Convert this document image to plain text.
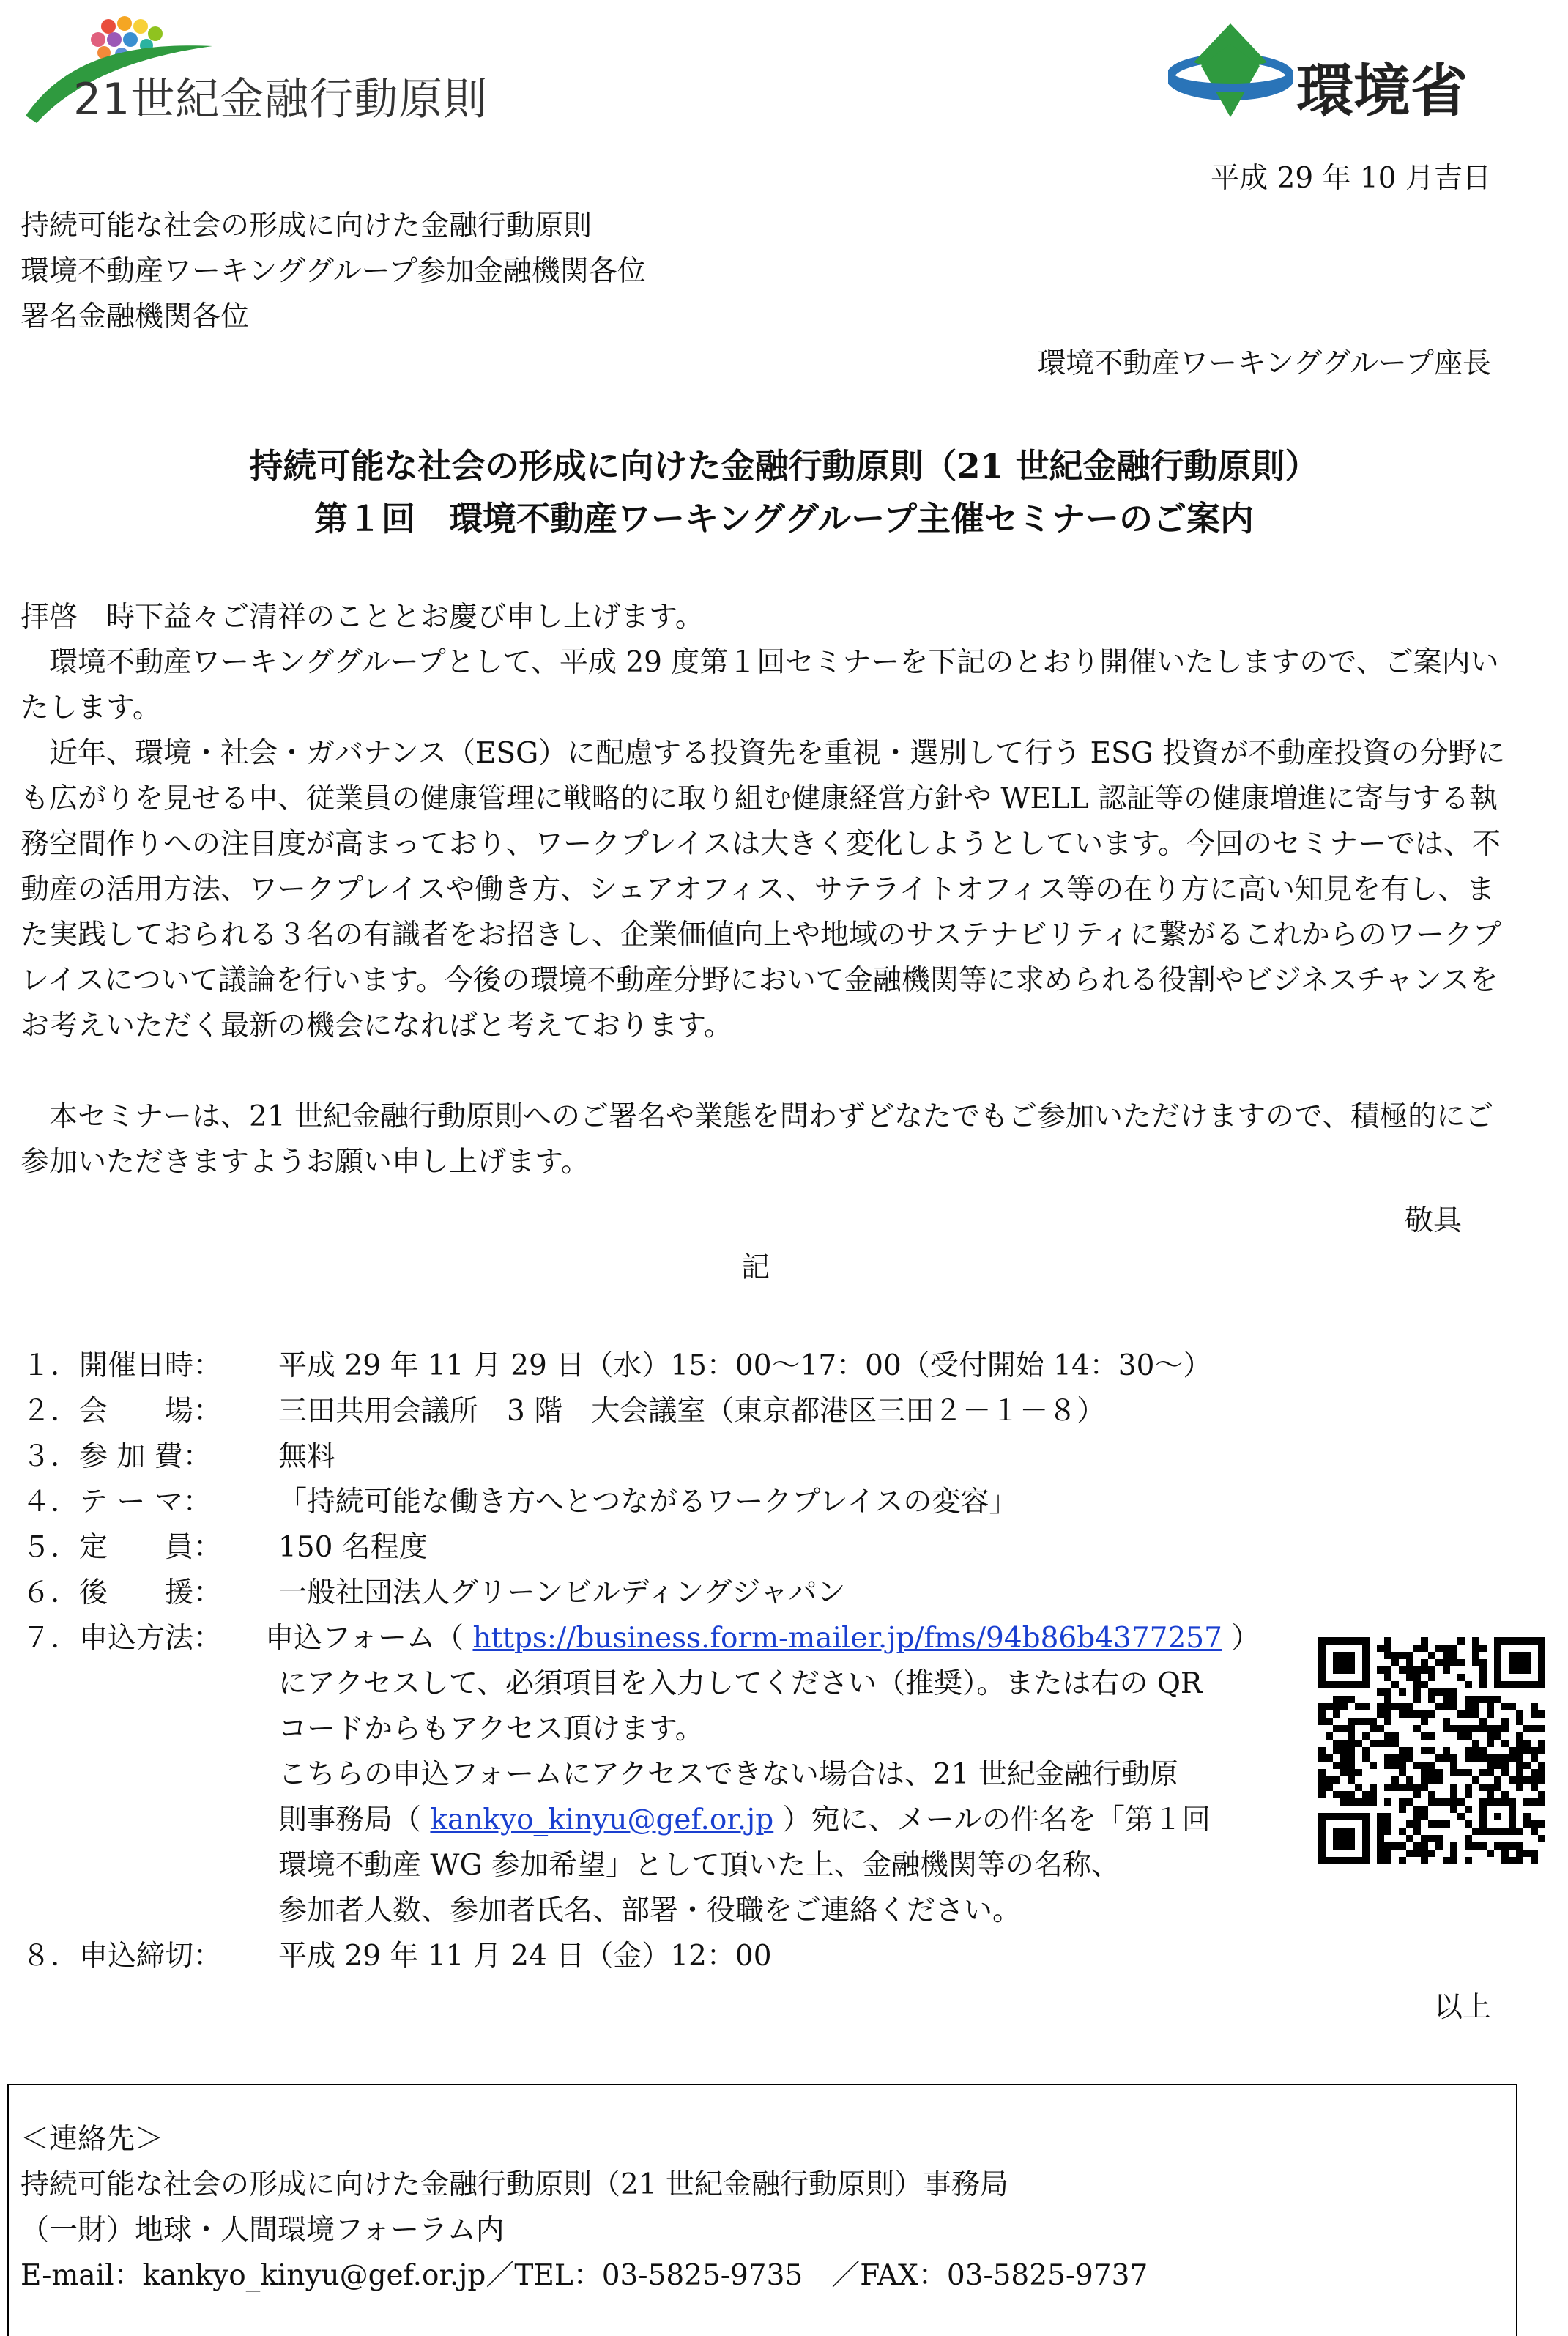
21世紀金融行動原則	環境省
平成 29 年 10 月吉日
持続可能な社会の形成に向けた金融行動原則
環境不動産ワーキンググループ参加金融機関各位
署名金融機関各位
環境不動産ワーキンググループ座長
持続可能な社会の形成に向けた金融行動原則（21 世紀金融行動原則）
第１回　環境不動産ワーキンググループ主催セミナーのご案内
拝啓　時下益々ご清祥のこととお慶び申し上げます。
環境不動産ワーキンググループとして、平成 29 度第１回セミナーを下記のとおり開催いたしますので、ご案内いたします。
近年、環境・社会・ガバナンス（ESG）に配慮する投資先を重視・選別して行う ESG 投資が不動産投資の分野にも広がりを見せる中、従業員の健康管理に戦略的に取り組む健康経営方針や WELL 認証等の健康増進に寄与する執務空間作りへの注目度が高まっており、ワークプレイスは大きく変化しようとしています。今回のセミナーでは、不動産の活用方法、ワークプレイスや働き方、シェアオフィス、サテライトオフィス等の在り方に高い知見を有し、また実践しておられる３名の有識者をお招きし、企業価値向上や地域のサステナビリティに繋がるこれからのワークプレイスについて議論を行います。今後の環境不動産分野において金融機関等に求められる役割やビジネスチャンスをお考えいただく最新の機会になればと考えております。
本セミナーは、21 世紀金融行動原則へのご署名や業態を問わずどなたでもご参加いただけますので、積極的にご参加いただきますようお願い申し上げます。
敬具
記
１．開催日時： 平成 29 年 11 月 29 日（水）15：00〜17：00（受付開始 14：30〜）
２．会　　場： 三田共用会議所　3 階　大会議室（東京都港区三田２－１－８）
３．参 加 費： 無料
４．テ ー マ： 「持続可能な働き方へとつながるワークプレイスの変容」
５．定　　員： 150 名程度
６．後　　援： 一般社団法人グリーンビルディングジャパン
７．申込方法：
８．申込締切： 平成 29 年 11 月 24 日（金）12：00
申込フォーム（ https://business.form-mailer.jp/fms/94b86b4377257 ）
にアクセスして、必須項目を入力してください（推奨）。または右の QR
コードからもアクセス頂けます。
こちらの申込フォームにアクセスできない場合は、21 世紀金融行動原
則事務局（ kankyo_kinyu@gef.or.jp ）宛に、メールの件名を「第１回
環境不動産 WG 参加希望」として頂いた上、金融機関等の名称、
参加者人数、参加者氏名、部署・役職をご連絡ください。
以上
＜連絡先＞
持続可能な社会の形成に向けた金融行動原則（21 世紀金融行動原則）事務局
（一財）地球・人間環境フォーラム内
E-mail：kankyo_kinyu@gef.or.jp／TEL：03-5825-9735　／FAX：03-5825-9737
